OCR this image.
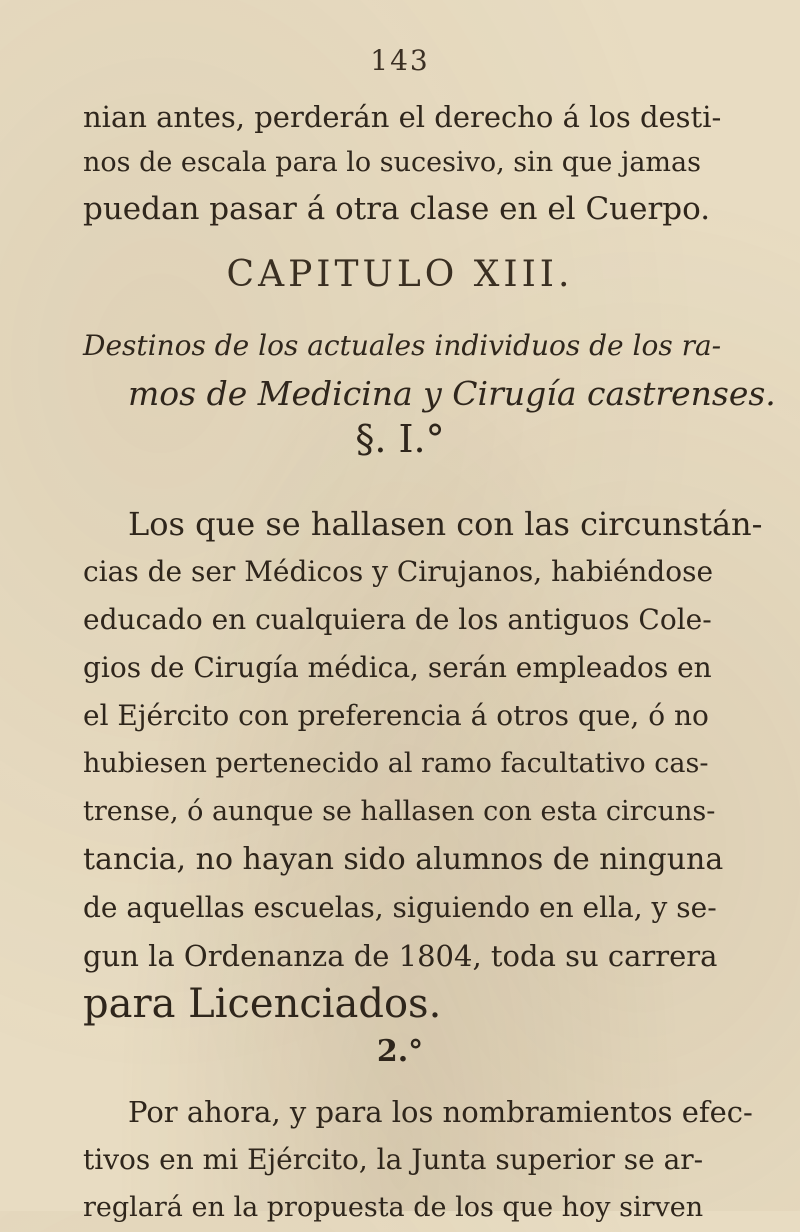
143
nian antes, perderán el derecho á los desti-
nos de escala para lo sucesivo, sin que jamas
puedan pasar á otra clase en el Cuerpo.
CAPITULO XIII.
Destinos de los actuales individuos de los ra-
mos de Medicina y Cirugía castrenses.
§. I.°
Los que se hallasen con las circunstán-
cias de ser Médicos y Cirujanos, habiéndose
educado en cualquiera de los antiguos Cole-
gios de Cirugía médica, serán empleados en
el Ejército con preferencia á otros que, ó no
hubiesen pertenecido al ramo facultativo cas-
trense, ó aunque se hallasen con esta circuns-
tancia, no hayan sido alumnos de ninguna
de aquellas escuelas, siguiendo en ella, y se-
gun la Ordenanza de 1804, toda su carrera
para Licenciados.
2.°
Por ahora, y para los nombramientos efec-
tivos en mi Ejército, la Junta superior se ar-
reglará en la propuesta de los que hoy sirven
